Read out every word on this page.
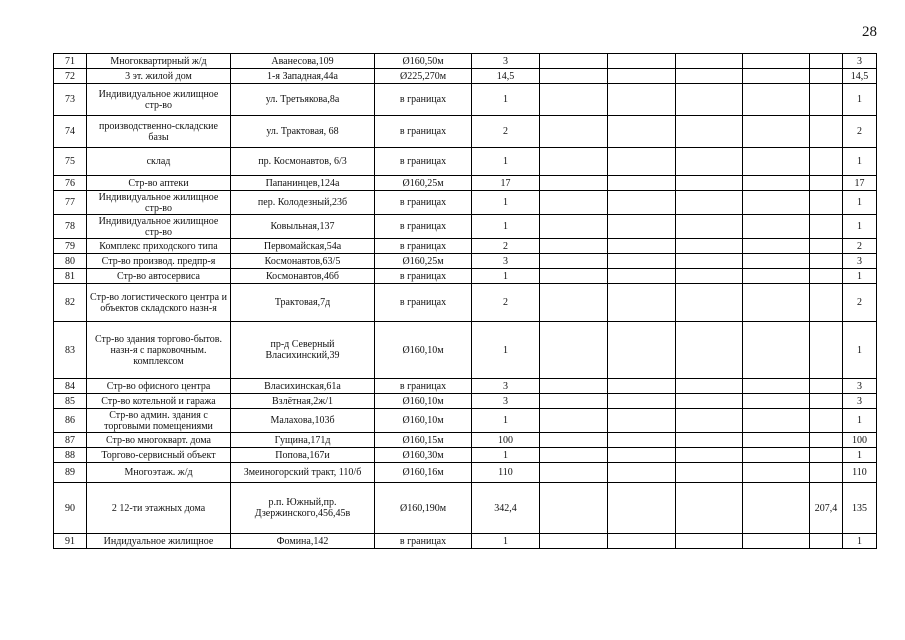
28
71	Многоквартирный ж/д	Аванесова,109	Ø160,50м	3						3
72	3 эт. жилой дом	1-я Западная,44а	Ø225,270м	14,5						14,5
73	Индивидуальное жилищное стр-во	ул. Третьякова,8а	в границах	1						1
74	производственно-складские базы	ул. Трактовая, 68	в границах	2						2
75	склад	пр. Космонавтов, 6/3	в границах	1						1
76	Стр-во аптеки	Папанинцев,124а	Ø160,25м	17						17
77	Индивидуальное жилищное стр-во	пер. Колодезный,23б	в границах	1						1
78	Индивидуальное жилищное стр-во	Ковыльная,137	в границах	1						1
79	Комплекс приходского типа	Первомайская,54а	в границах	2						2
80	Стр-во производ. предпр-я	Космонавтов,63/5	Ø160,25м	3						3
81	Стр-во автосервиса	Космонавтов,46б	в границах	1						1
82	Стр-во логистического центра и объектов складского назн-я	Трактовая,7д	в границах	2						2
83	Стр-во здания торгово-бытов. назн-я с парковочным. комплексом	пр-д Северный Власихинский,39	Ø160,10м	1						1
84	Стр-во офисного центра	Власихинская,61а	в границах	3						3
85	Стр-во котельной и гаража	Взлётная,2ж/1	Ø160,10м	3						3
86	Стр-во админ. здания с торговыми помещениями	Малахова,103б	Ø160,10м	1						1
87	Стр-во многокварт. дома	Гущина,171д	Ø160,15м	100						100
88	Торгово-сервисный объект	Попова,167и	Ø160,30м	1						1
89	Многоэтаж. ж/д	Змеиногорский тракт, 110/б	Ø160,16м	110						110
90	2 12-ти этажных дома	р.п. Южный,пр. Дзержинского,456,45в	Ø160,190м	342,4					207,4	135
91	Индидуальное жилищное	Фомина,142	в границах	1						1
